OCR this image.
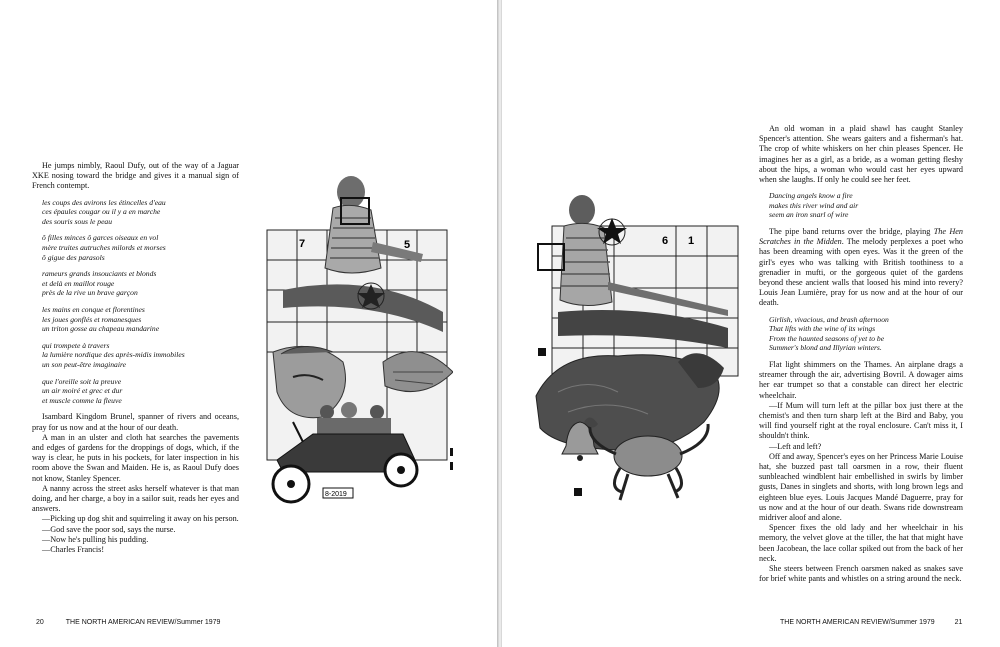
He jumps nimbly, Raoul Dufy, out of the way of a Jaguar XKE nosing toward the bridge and gives it a manual sign of French contempt.

les coups des avirons les étincelles d'eau
ces épaules cougar ou il y a en marche
des souris sous le peau
ô filles minces ô garces oiseaux en vol
mère truites autruches milords et morses
ô gigue des parasols
rameurs grands insouciants et blonds
et delà en maillot rouge
près de la rive un brave garçon
les mains en conque et florentines
les joues gonflés et romanesques
un triton gosse au chapeau mandarine
qui trompete à travers
la lumière nordique des après-midis immobiles
un son peut-être imaginaire
que l'oreille soit la preuve
un air moiré et grec et dur
et muscle comme la fleuve

Isambard Kingdom Brunel, spanner of rivers and oceans, pray for us now and at the hour of our death.

A man in an ulster and cloth hat searches the pavements and edges of gardens for the droppings of dogs, which, if the way is clear, he puts in his pockets, for later inspection in his room above the Swan and Maiden. He is, as Raoul Dufy does not know, Stanley Spencer.

A nanny across the street asks herself whatever is that man doing, and her charge, a boy in a sailor suit, reads her eyes and answers.

—Picking up dog shit and squirreling it away on his person.

—God save the poor sod, says the nurse.

—Now he's pulling his pudding.

—Charles Francis!

7	5
8-2019
20	THE NORTH AMERICAN REVIEW/Summer 1979
6 1

An old woman in a plaid shawl has caught Stanley Spencer's attention. She wears gaiters and a fisherman's hat. The crop of white whiskers on her chin pleases Spencer. He imagines her as a girl, as a bride, as a woman getting fleshy about the hips, a woman who would cast her eyes upward when she laughs. If only he could see her feet.

Dancing angels know a fire
makes this river wind and air
seem an iron snarl of wire

The pipe band returns over the bridge, playing The Hen Scratches in the Midden. The melody perplexes a poet who has been dreaming with open eyes. Was it the green of the girl's eyes who was talking with British toothiness to a grenadier in mufti, or the gorgeous quiet of the gardens beyond these ancient walls that loosed his mind into revery? Louis Jean Lumière, pray for us now and at the hour of our death.

Girlish, vivacious, and brash afternoon
That lifts with the wine of its wings
From the haunted seasons of yet to be
Summer's blond and Illyrian winters.

Flat light shimmers on the Thames. An airplane drags a streamer through the air, advertising Bovril. A dowager aims her ear trumpet so that a constable can direct her electric wheelchair.

—If Mum will turn left at the pillar box just there at the chemist's and then turn sharp left at the Bird and Baby, you will find yourself right at the royal enclosure. Can't miss it, I shouldn't think.

—Left and left?

Off and away, Spencer's eyes on her Princess Marie Louise hat, she buzzed past tall oarsmen in a row, their fluent sunbleached windblent hair embellished in swirls by limber gusts, Danes in singlets and shorts, with long brown legs and eighteen blue eyes. Louis Jacques Mandé Daguerre, pray for us now and at the hour of our death. Swans ride downstream midriver aloof and alone.

Spencer fixes the old lady and her wheelchair in his memory, the velvet glove at the tiller, the hat that might have been Jacobean, the lace collar spiked out from the back of her neck.

She steers between French oarsmen naked as snakes save for brief white pants and whistles on a string around the neck.

THE NORTH AMERICAN REVIEW/Summer 1979	21
